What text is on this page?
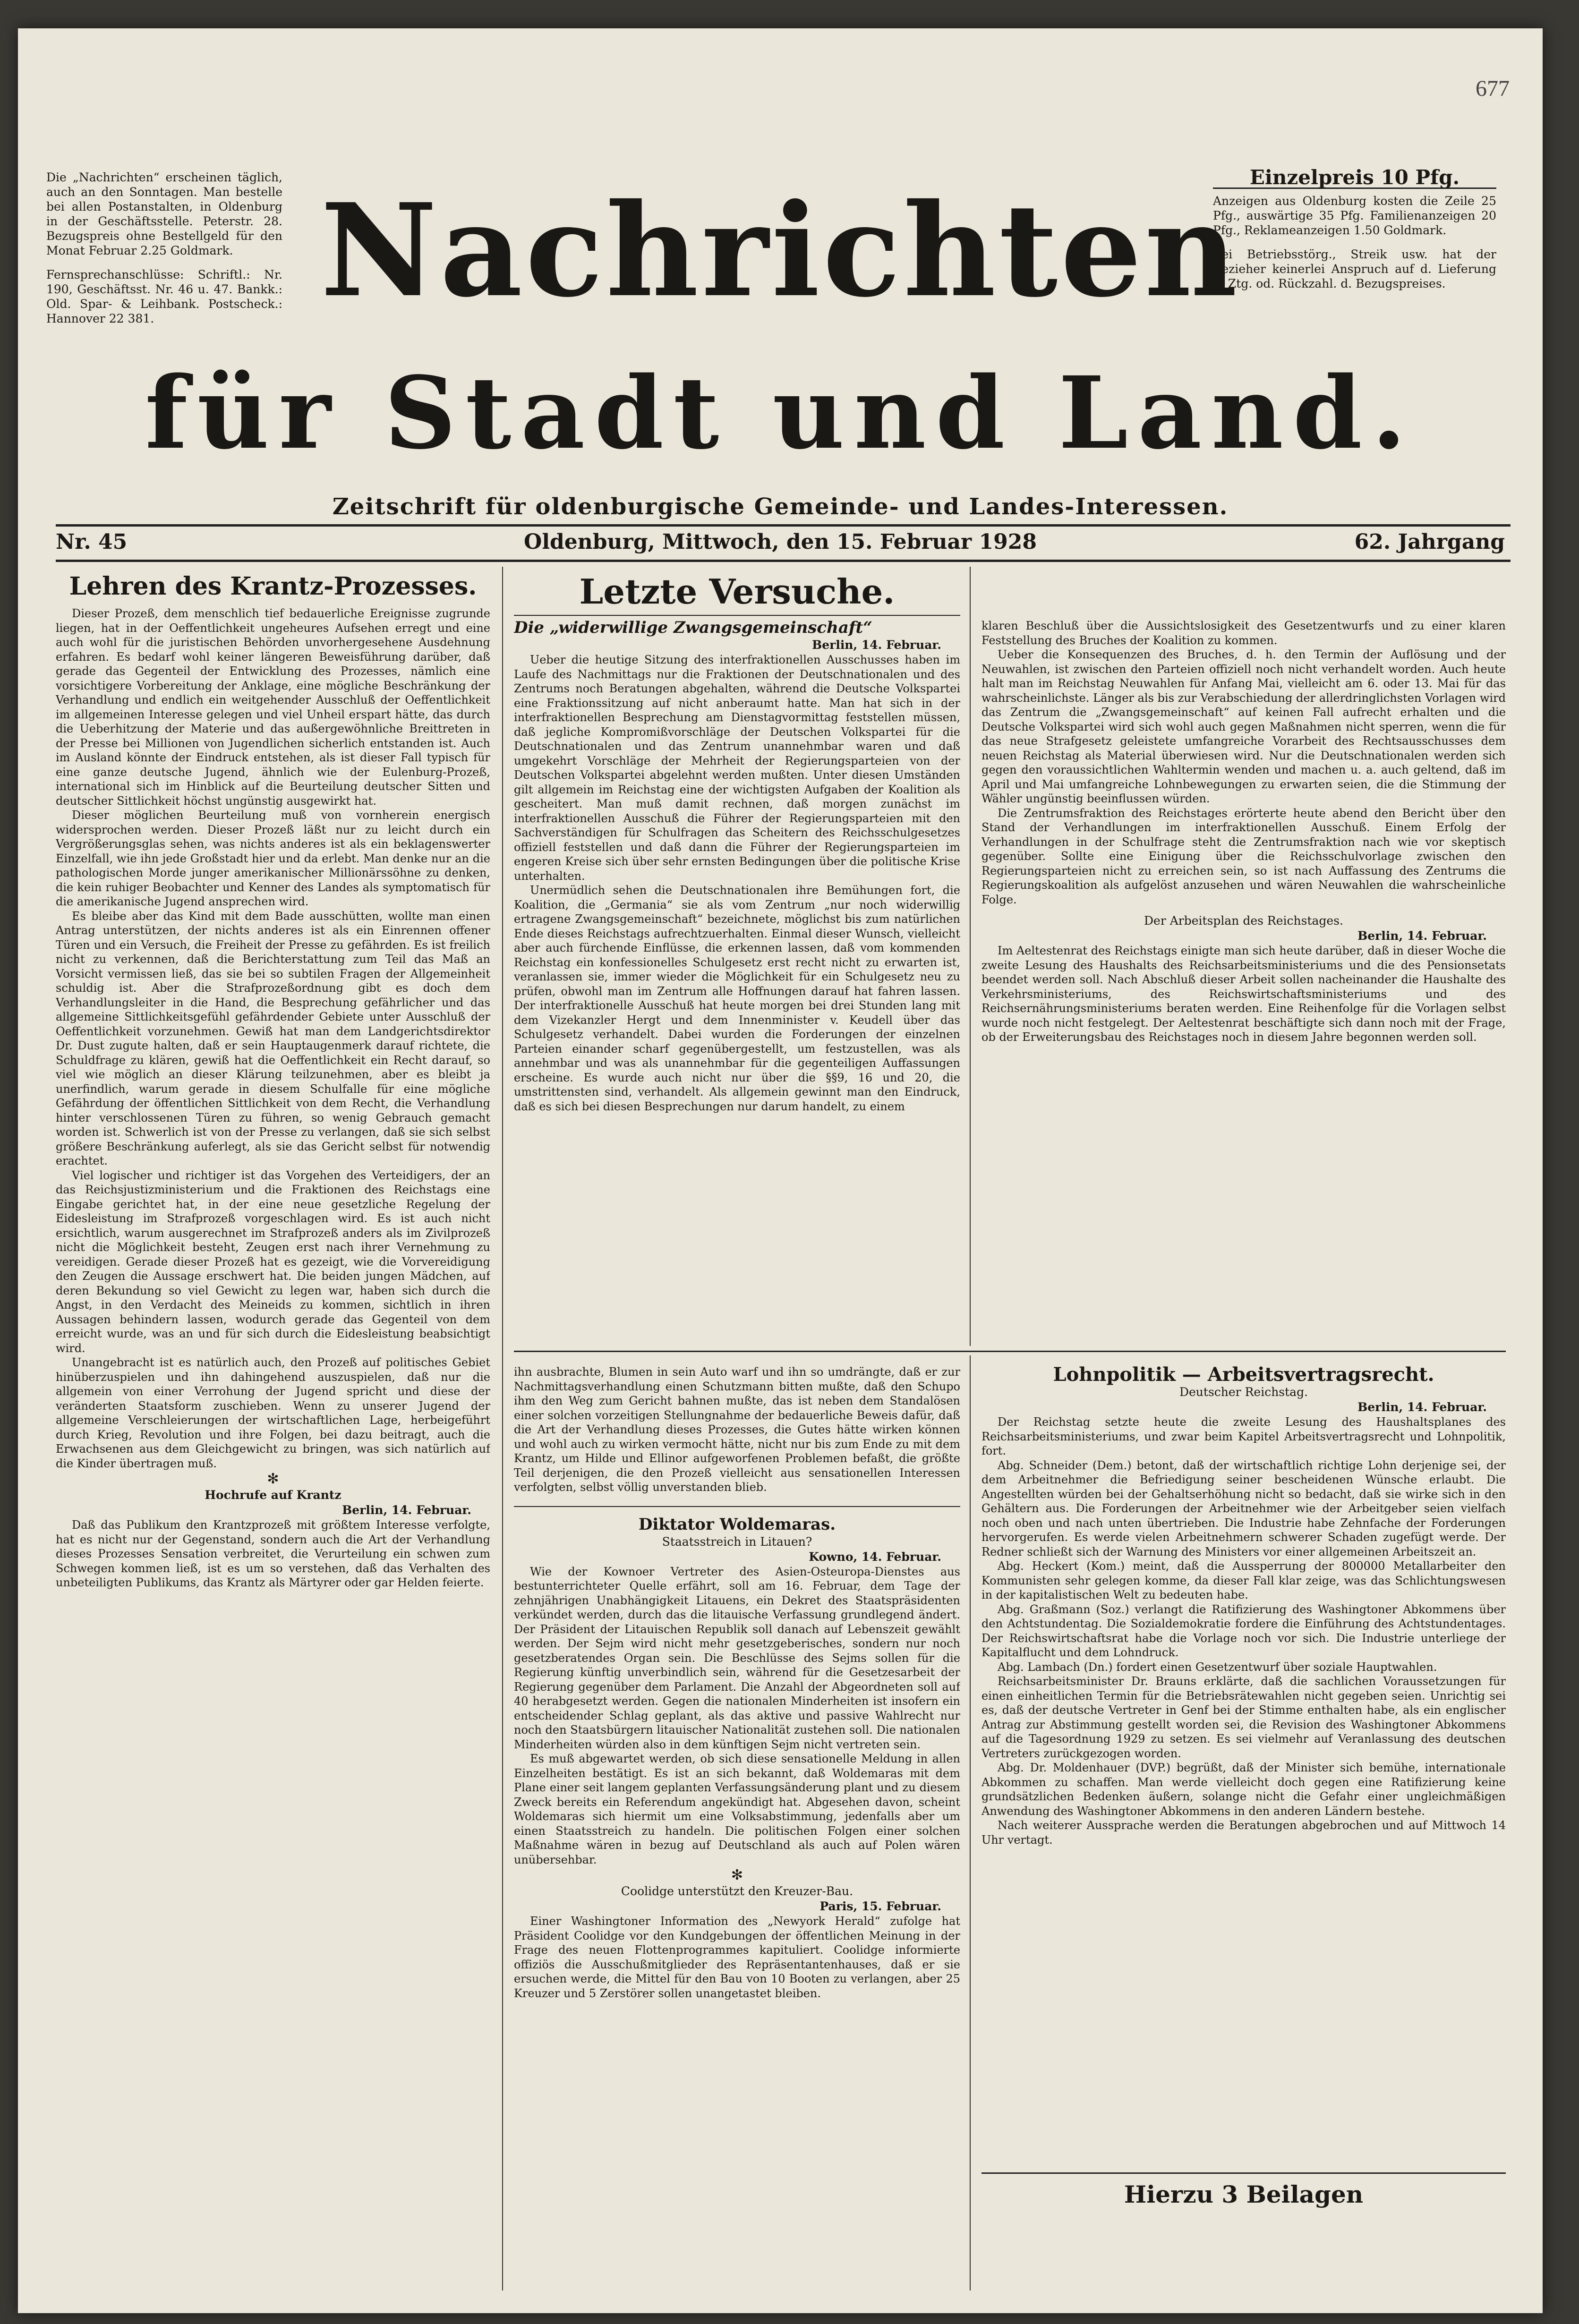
677
Die „Nachrichten“ erscheinen täglich, auch an den Sonntagen. Man bestelle bei allen Postanstalten, in Oldenburg in der Geschäftsstelle. Peterstr. 28. Bezugspreis ohne Bestellgeld für den Monat Februar 2.25 Goldmark.
Fernsprechanschlüsse: Schriftl.: Nr. 190, Geschäftsst. Nr. 46 u. 47. Bankk.: Old. Spar- & Leihbank. Postscheck.: Hannover 22 381.
Einzelpreis 10 Pfg.
Anzeigen aus Oldenburg kosten die Zeile 25 Pfg., auswärtige 35 Pfg. Familienanzeigen 20 Pfg., Reklameanzeigen 1.50 Goldmark.
Bei Betriebsstörg., Streik usw. hat der Bezieher keinerlei Anspruch auf d. Lieferung d. Ztg. od. Rückzahl. d. Bezugspreises.
Nachrichten
für Stadt und Land.
Zeitschrift für oldenburgische Gemeinde- und Landes-Interessen.
Nr. 45	Oldenburg, Mittwoch, den 15. Februar 1928	62. Jahrgang
Lehren des Krantz-Prozesses.

Dieser Prozeß, dem menschlich tief bedauerliche Ereignisse zugrunde liegen, hat in der Oeffentlichkeit ungeheures Aufsehen erregt und eine auch wohl für die juristischen Behörden unvorhergesehene Ausdehnung erfahren. Es bedarf wohl keiner längeren Beweisführung darüber, daß gerade das Gegenteil der Entwicklung des Prozesses, nämlich eine vorsichtigere Vorbereitung der Anklage, eine mögliche Beschränkung der Verhandlung und endlich ein weitgehender Ausschluß der Oeffentlichkeit im allgemeinen Interesse gelegen und viel Unheil erspart hätte, das durch die Ueberhitzung der Materie und das außergewöhnliche Breittreten in der Presse bei Millionen von Jugendlichen sicherlich entstanden ist. Auch im Ausland könnte der Eindruck entstehen, als ist dieser Fall typisch für eine ganze deutsche Jugend, ähnlich wie der Eulenburg-Prozeß, international sich im Hinblick auf die Beurteilung deutscher Sitten und deutscher Sittlichkeit höchst ungünstig ausgewirkt hat.

Dieser möglichen Beurteilung muß von vornherein energisch widersprochen werden. Dieser Prozeß läßt nur zu leicht durch ein Vergrößerungsglas sehen, was nichts anderes ist als ein beklagenswerter Einzelfall, wie ihn jede Großstadt hier und da erlebt. Man denke nur an die pathologischen Morde junger amerikanischer Millionärssöhne zu denken, die kein ruhiger Beobachter und Kenner des Landes als symptomatisch für die amerikanische Jugend ansprechen wird.

Es bleibe aber das Kind mit dem Bade ausschütten, wollte man einen Antrag unterstützen, der nichts anderes ist als ein Einrennen offener Türen und ein Versuch, die Freiheit der Presse zu gefährden. Es ist freilich nicht zu verkennen, daß die Berichterstattung zum Teil das Maß an Vorsicht vermissen ließ, das sie bei so subtilen Fragen der Allgemeinheit schuldig ist. Aber die Strafprozeßordnung gibt es doch dem Verhandlungsleiter in die Hand, die Besprechung gefährlicher und das allgemeine Sittlichkeitsgefühl gefährdender Gebiete unter Ausschluß der Oeffentlichkeit vorzunehmen. Gewiß hat man dem Landgerichtsdirektor Dr. Dust zugute halten, daß er sein Hauptaugenmerk darauf richtete, die Schuldfrage zu klären, gewiß hat die Oeffentlichkeit ein Recht darauf, so viel wie möglich an dieser Klärung teilzunehmen, aber es bleibt ja unerfindlich, warum gerade in diesem Schulfalle für eine mögliche Gefährdung der öffentlichen Sittlichkeit von dem Recht, die Verhandlung hinter verschlossenen Türen zu führen, so wenig Gebrauch gemacht worden ist. Schwerlich ist von der Presse zu verlangen, daß sie sich selbst größere Beschränkung auferlegt, als sie das Gericht selbst für notwendig erachtet.

Viel logischer und richtiger ist das Vorgehen des Verteidigers, der an das Reichsjustizministerium und die Fraktionen des Reichstags eine Eingabe gerichtet hat, in der eine neue gesetzliche Regelung der Eidesleistung im Strafprozeß vorgeschlagen wird. Es ist auch nicht ersichtlich, warum ausgerechnet im Strafprozeß anders als im Zivilprozeß nicht die Möglichkeit besteht, Zeugen erst nach ihrer Vernehmung zu vereidigen. Gerade dieser Prozeß hat es gezeigt, wie die Vorvereidigung den Zeugen die Aussage erschwert hat. Die beiden jungen Mädchen, auf deren Bekundung so viel Gewicht zu legen war, haben sich durch die Angst, in den Verdacht des Meineids zu kommen, sichtlich in ihren Aussagen behindern lassen, wodurch gerade das Gegenteil von dem erreicht wurde, was an und für sich durch die Eidesleistung beabsichtigt wird.

Unangebracht ist es natürlich auch, den Prozeß auf politisches Gebiet hinüberzuspielen und ihn dahingehend auszuspielen, daß nur die allgemein von einer Verrohung der Jugend spricht und diese der veränderten Staatsform zuschieben. Wenn zu unserer Jugend der allgemeine Verschleierungen der wirtschaftlichen Lage, herbeigeführt durch Krieg, Revolution und ihre Folgen, bei dazu beitragt, auch die Erwachsenen aus dem Gleichgewicht zu bringen, was sich natürlich auf die Kinder übertragen muß.

✻
Hochrufe auf Krantz
Berlin, 14. Februar.

Daß das Publikum den Krantzprozeß mit größtem Interesse verfolgte, hat es nicht nur der Gegenstand, sondern auch die Art der Verhandlung dieses Prozesses Sensation verbreitet, die Verurteilung ein schwen zum Schwegen kommen ließ, ist es um so verstehen, daß das Verhalten des unbeteiligten Publikums, das Krantz als Märtyrer oder gar Helden feierte.

Letzte Versuche.
Die „widerwillige Zwangsgemeinschaft“
Berlin, 14. Februar.

Ueber die heutige Sitzung des interfraktionellen Ausschusses haben im Laufe des Nachmittags nur die Fraktionen der Deutschnationalen und des Zentrums noch Beratungen abgehalten, während die Deutsche Volkspartei eine Fraktionssitzung auf nicht anberaumt hatte. Man hat sich in der interfraktionellen Besprechung am Dienstagvormittag feststellen müssen, daß jegliche Kompromißvorschläge der Deutschen Volkspartei für die Deutschnationalen und das Zentrum unannehmbar waren und daß umgekehrt Vorschläge der Mehrheit der Regierungsparteien von der Deutschen Volkspartei abgelehnt werden mußten. Unter diesen Umständen gilt allgemein im Reichstag eine der wichtigsten Aufgaben der Koalition als gescheitert. Man muß damit rechnen, daß morgen zunächst im interfraktionellen Ausschuß die Führer der Regierungsparteien mit den Sachverständigen für Schulfragen das Scheitern des Reichsschulgesetzes offiziell feststellen und daß dann die Führer der Regierungsparteien im engeren Kreise sich über sehr ernsten Bedingungen über die politische Krise unterhalten.

Unermüdlich sehen die Deutschnationalen ihre Bemühungen fort, die Koalition, die „Germania“ sie als vom Zentrum „nur noch widerwillig ertragene Zwangsgemeinschaft“ bezeichnete, möglichst bis zum natürlichen Ende dieses Reichstags aufrechtzuerhalten. Einmal dieser Wunsch, vielleicht aber auch fürchende Einflüsse, die erkennen lassen, daß vom kommenden Reichstag ein konfessionelles Schulgesetz erst recht nicht zu erwarten ist, veranlassen sie, immer wieder die Möglichkeit für ein Schulgesetz neu zu prüfen, obwohl man im Zentrum alle Hoffnungen darauf hat fahren lassen. Der interfraktionelle Ausschuß hat heute morgen bei drei Stunden lang mit dem Vizekanzler Hergt und dem Innenminister v. Keudell über das Schulgesetz verhandelt. Dabei wurden die Forderungen der einzelnen Parteien einander scharf gegenübergestellt, um festzustellen, was als annehmbar und was als unannehmbar für die gegenteiligen Auffassungen erscheine. Es wurde auch nicht nur über die §§9, 16 und 20, die umstrittensten sind, verhandelt. Als allgemein gewinnt man den Eindruck, daß es sich bei diesen Besprechungen nur darum handelt, zu einem

klaren Beschluß über die Aussichtslosigkeit des Gesetzentwurfs und zu einer klaren Feststellung des Bruches der Koalition zu kommen.

Ueber die Konsequenzen des Bruches, d. h. den Termin der Auflösung und der Neuwahlen, ist zwischen den Parteien offiziell noch nicht verhandelt worden. Auch heute halt man im Reichstag Neuwahlen für Anfang Mai, vielleicht am 6. oder 13. Mai für das wahrscheinlichste. Länger als bis zur Verabschiedung der allerdringlichsten Vorlagen wird das Zentrum die „Zwangsgemeinschaft“ auf keinen Fall aufrecht erhalten und die Deutsche Volkspartei wird sich wohl auch gegen Maßnahmen nicht sperren, wenn die für das neue Strafgesetz geleistete umfangreiche Vorarbeit des Rechtsausschusses dem neuen Reichstag als Material überwiesen wird. Nur die Deutschnationalen werden sich gegen den voraussichtlichen Wahltermin wenden und machen u. a. auch geltend, daß im April und Mai umfangreiche Lohnbewegungen zu erwarten seien, die die Stimmung der Wähler ungünstig beeinflussen würden.

Die Zentrumsfraktion des Reichstages erörterte heute abend den Bericht über den Stand der Verhandlungen im interfraktionellen Ausschuß. Einem Erfolg der Verhandlungen in der Schulfrage steht die Zentrumsfraktion nach wie vor skeptisch gegenüber. Sollte eine Einigung über die Reichsschulvorlage zwischen den Regierungsparteien nicht zu erreichen sein, so ist nach Auffassung des Zentrums die Regierungskoalition als aufgelöst anzusehen und wären Neuwahlen die wahrscheinliche Folge.

Der Arbeitsplan des Reichstages.
Berlin, 14. Februar.

Im Aeltestenrat des Reichstags einigte man sich heute darüber, daß in dieser Woche die zweite Lesung des Haushalts des Reichsarbeitsministeriums und die des Pensionsetats beendet werden soll. Nach Abschluß dieser Arbeit sollen nacheinander die Haushalte des Verkehrsministeriums, des Reichswirtschaftsministeriums und des Reichsernährungsministeriums beraten werden. Eine Reihenfolge für die Vorlagen selbst wurde noch nicht festgelegt. Der Aeltestenrat beschäftigte sich dann noch mit der Frage, ob der Erweiterungsbau des Reichstages noch in diesem Jahre begonnen werden soll.

ihn ausbrachte, Blumen in sein Auto warf und ihn so umdrängte, daß er zur Nachmittagsverhandlung einen Schutzmann bitten mußte, daß den Schupo ihm den Weg zum Gericht bahnen mußte, das ist neben dem Standalösen einer solchen vorzeitigen Stellungnahme der bedauerliche Beweis dafür, daß die Art der Verhandlung dieses Prozesses, die Gutes hätte wirken können und wohl auch zu wirken vermocht hätte, nicht nur bis zum Ende zu mit dem Krantz, um Hilde und Ellinor aufgeworfenen Problemen befaßt, die größte Teil derjenigen, die den Prozeß vielleicht aus sensationellen Interessen verfolgten, selbst völlig unverstanden blieb.

Diktator Woldemaras.
Staatsstreich in Litauen?
Kowno, 14. Februar.

Wie der Kownoer Vertreter des Asien-Osteuropa-Dienstes aus bestunterrichteter Quelle erfährt, soll am 16. Februar, dem Tage der zehnjährigen Unabhängigkeit Litauens, ein Dekret des Staatspräsidenten verkündet werden, durch das die litauische Verfassung grundlegend ändert. Der Präsident der Litauischen Republik soll danach auf Lebenszeit gewählt werden. Der Sejm wird nicht mehr gesetzgeberisches, sondern nur noch gesetzberatendes Organ sein. Die Beschlüsse des Sejms sollen für die Regierung künftig unverbindlich sein, während für die Gesetzesarbeit der Regierung gegenüber dem Parlament. Die Anzahl der Abgeordneten soll auf 40 herabgesetzt werden. Gegen die nationalen Minderheiten ist insofern ein entscheidender Schlag geplant, als das aktive und passive Wahlrecht nur noch den Staatsbürgern litauischer Nationalität zustehen soll. Die nationalen Minderheiten würden also in dem künftigen Sejm nicht vertreten sein.

Es muß abgewartet werden, ob sich diese sensationelle Meldung in allen Einzelheiten bestätigt. Es ist an sich bekannt, daß Woldemaras mit dem Plane einer seit langem geplanten Verfassungsänderung plant und zu diesem Zweck bereits ein Referendum angekündigt hat. Abgesehen davon, scheint Woldemaras sich hiermit um eine Volksabstimmung, jedenfalls aber um einen Staatsstreich zu handeln. Die politischen Folgen einer solchen Maßnahme wären in bezug auf Deutschland als auch auf Polen wären unübersehbar.

✻
Coolidge unterstützt den Kreuzer-Bau.
Paris, 15. Februar.

Einer Washingtoner Information des „Newyork Herald“ zufolge hat Präsident Coolidge vor den Kundgebungen der öffentlichen Meinung in der Frage des neuen Flottenprogrammes kapituliert. Coolidge informierte offiziös die Ausschußmitglieder des Repräsentantenhauses, daß er sie ersuchen werde, die Mittel für den Bau von 10 Booten zu verlangen, aber 25 Kreuzer und 5 Zerstörer sollen unangetastet bleiben.

Lohnpolitik — Arbeitsvertragsrecht.
Deutscher Reichstag.
Berlin, 14. Februar.

Der Reichstag setzte heute die zweite Lesung des Haushaltsplanes des Reichsarbeitsministeriums, und zwar beim Kapitel Arbeitsvertragsrecht und Lohnpolitik, fort.

Abg. Schneider (Dem.) betont, daß der wirtschaftlich richtige Lohn derjenige sei, der dem Arbeitnehmer die Befriedigung seiner bescheidenen Wünsche erlaubt. Die Angestellten würden bei der Gehaltserhöhung nicht so bedacht, daß sie wirke sich in den Gehältern aus. Die Forderungen der Arbeitnehmer wie der Arbeitgeber seien vielfach noch oben und nach unten übertrieben. Die Industrie habe Zehnfache der Forderungen hervorgerufen. Es werde vielen Arbeitnehmern schwerer Schaden zugefügt werde. Der Redner schließt sich der Warnung des Ministers vor einer allgemeinen Arbeitszeit an.

Abg. Heckert (Kom.) meint, daß die Aussperrung der 800000 Metallarbeiter den Kommunisten sehr gelegen komme, da dieser Fall klar zeige, was das Schlichtungswesen in der kapitalistischen Welt zu bedeuten habe.

Abg. Graßmann (Soz.) verlangt die Ratifizierung des Washingtoner Abkommens über den Achtstundentag. Die Sozialdemokratie fordere die Einführung des Achtstundentages. Der Reichswirtschaftsrat habe die Vorlage noch vor sich. Die Industrie unterliege der Kapitalflucht und dem Lohndruck.

Abg. Lambach (Dn.) fordert einen Gesetzentwurf über soziale Hauptwahlen.

Reichsarbeitsminister Dr. Brauns erklärte, daß die sachlichen Voraussetzungen für einen einheitlichen Termin für die Betriebsrätewahlen nicht gegeben seien. Unrichtig sei es, daß der deutsche Vertreter in Genf bei der Stimme enthalten habe, als ein englischer Antrag zur Abstimmung gestellt worden sei, die Revision des Washingtoner Abkommens auf die Tagesordnung 1929 zu setzen. Es sei vielmehr auf Veranlassung des deutschen Vertreters zurückgezogen worden.

Abg. Dr. Moldenhauer (DVP.) begrüßt, daß der Minister sich bemühe, internationale Abkommen zu schaffen. Man werde vielleicht doch gegen eine Ratifizierung keine grundsätzlichen Bedenken äußern, solange nicht die Gefahr einer ungleichmäßigen Anwendung des Washingtoner Abkommens in den anderen Ländern bestehe.

Nach weiterer Aussprache werden die Beratungen abgebrochen und auf Mittwoch 14 Uhr vertagt.

Hierzu 3 Beilagen
